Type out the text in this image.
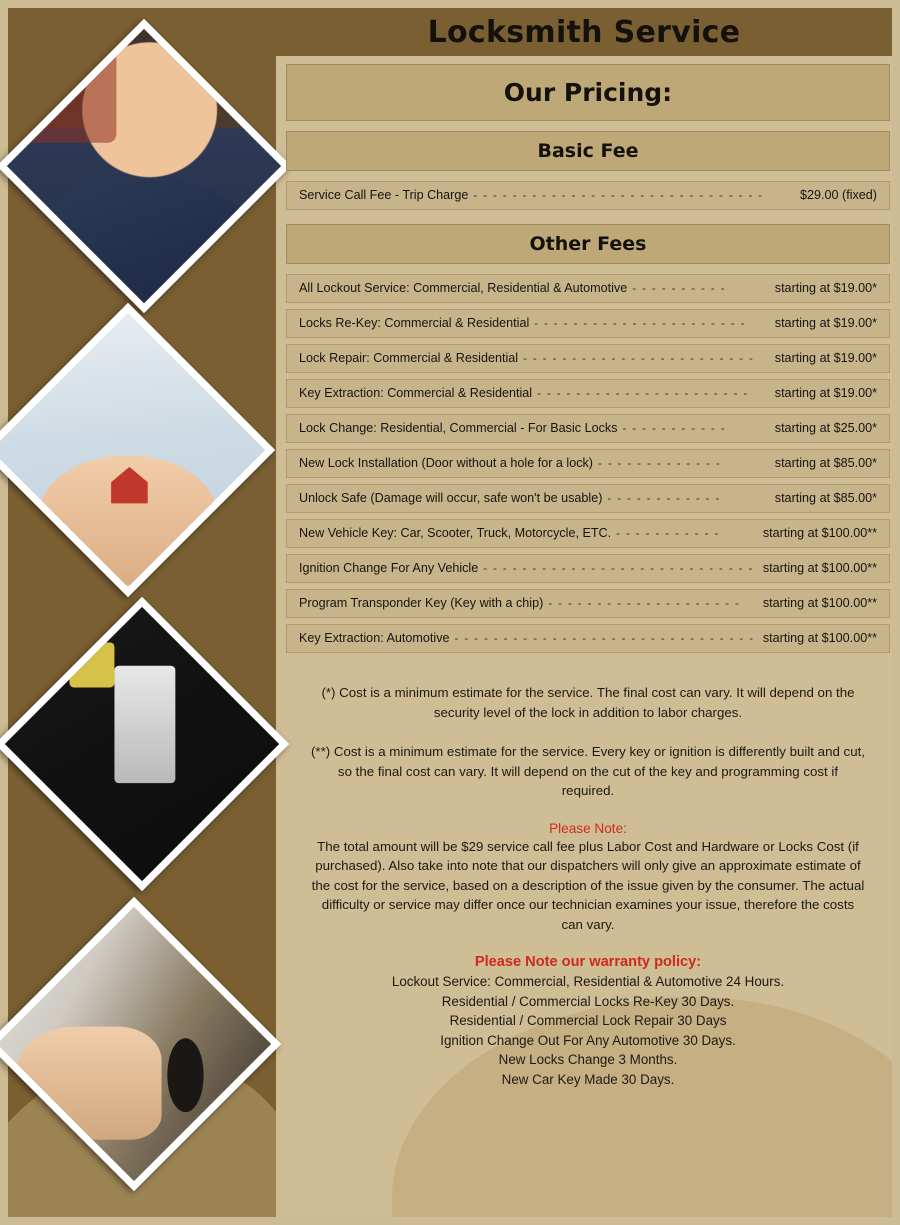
Locksmith Service
Our Pricing:
Basic Fee
Service Call Fee - Trip Charge - - - - - - - - - - - - - - - - - - - - - - - - - - - - - -	$29.00 (fixed)
Other Fees
All Lockout Service: Commercial, Residential & Automotive - - - - - - - - - -	starting at $19.00*
Locks Re-Key: Commercial & Residential - - - - - - - - - - - - - - - - - - - - - -	starting at $19.00*
Lock Repair: Commercial & Residential - - - - - - - - - - - - - - - - - - - - - - - -	starting at $19.00*
Key Extraction: Commercial & Residential - - - - - - - - - - - - - - - - - - - - - -	starting at $19.00*
Lock Change: Residential, Commercial - For Basic Locks - - - - - - - - - - -	starting at $25.00*
New Lock Installation (Door without a hole for a lock) - - - - - - - - - - - - -	starting at $85.00*
Unlock Safe (Damage will occur, safe won't be usable) - - - - - - - - - - - -	starting at $85.00*
New Vehicle Key: Car, Scooter, Truck, Motorcycle, ETC. - - - - - - - - - - -	starting at $100.00**
Ignition Change For Any Vehicle - - - - - - - - - - - - - - - - - - - - - - - - - - - - starting at $100.00**
Program Transponder Key (Key with a chip) - - - - - - - - - - - - - - - - - - - -	starting at $100.00**
Key Extraction: Automotive - - - - - - - - - - - - - - - - - - - - - - - - - - - - - - - starting at $100.00**
(*) Cost is a minimum estimate for the service. The final cost can vary. It will depend on the security level of the lock in addition to labor charges.
(**) Cost is a minimum estimate for the service. Every key or ignition is differently built and cut, so the final cost can vary. It will depend on the cut of the key and programming cost if required.
Please Note:
The total amount will be $29 service call fee plus Labor Cost and Hardware or Locks Cost (if purchased). Also take into note that our dispatchers will only give an approximate estimate of the cost for the service, based on a description of the issue given by the consumer. The actual difficulty or service may differ once our technician examines your issue, therefore the costs can vary.
Please Note our warranty policy:
Lockout Service: Commercial, Residential & Automotive 24 Hours.
Residential / Commercial Locks Re-Key 30 Days.
Residential / Commercial Lock Repair 30 Days
Ignition Change Out For Any Automotive 30 Days.
New Locks Change 3 Months.
New Car Key Made 30 Days.
